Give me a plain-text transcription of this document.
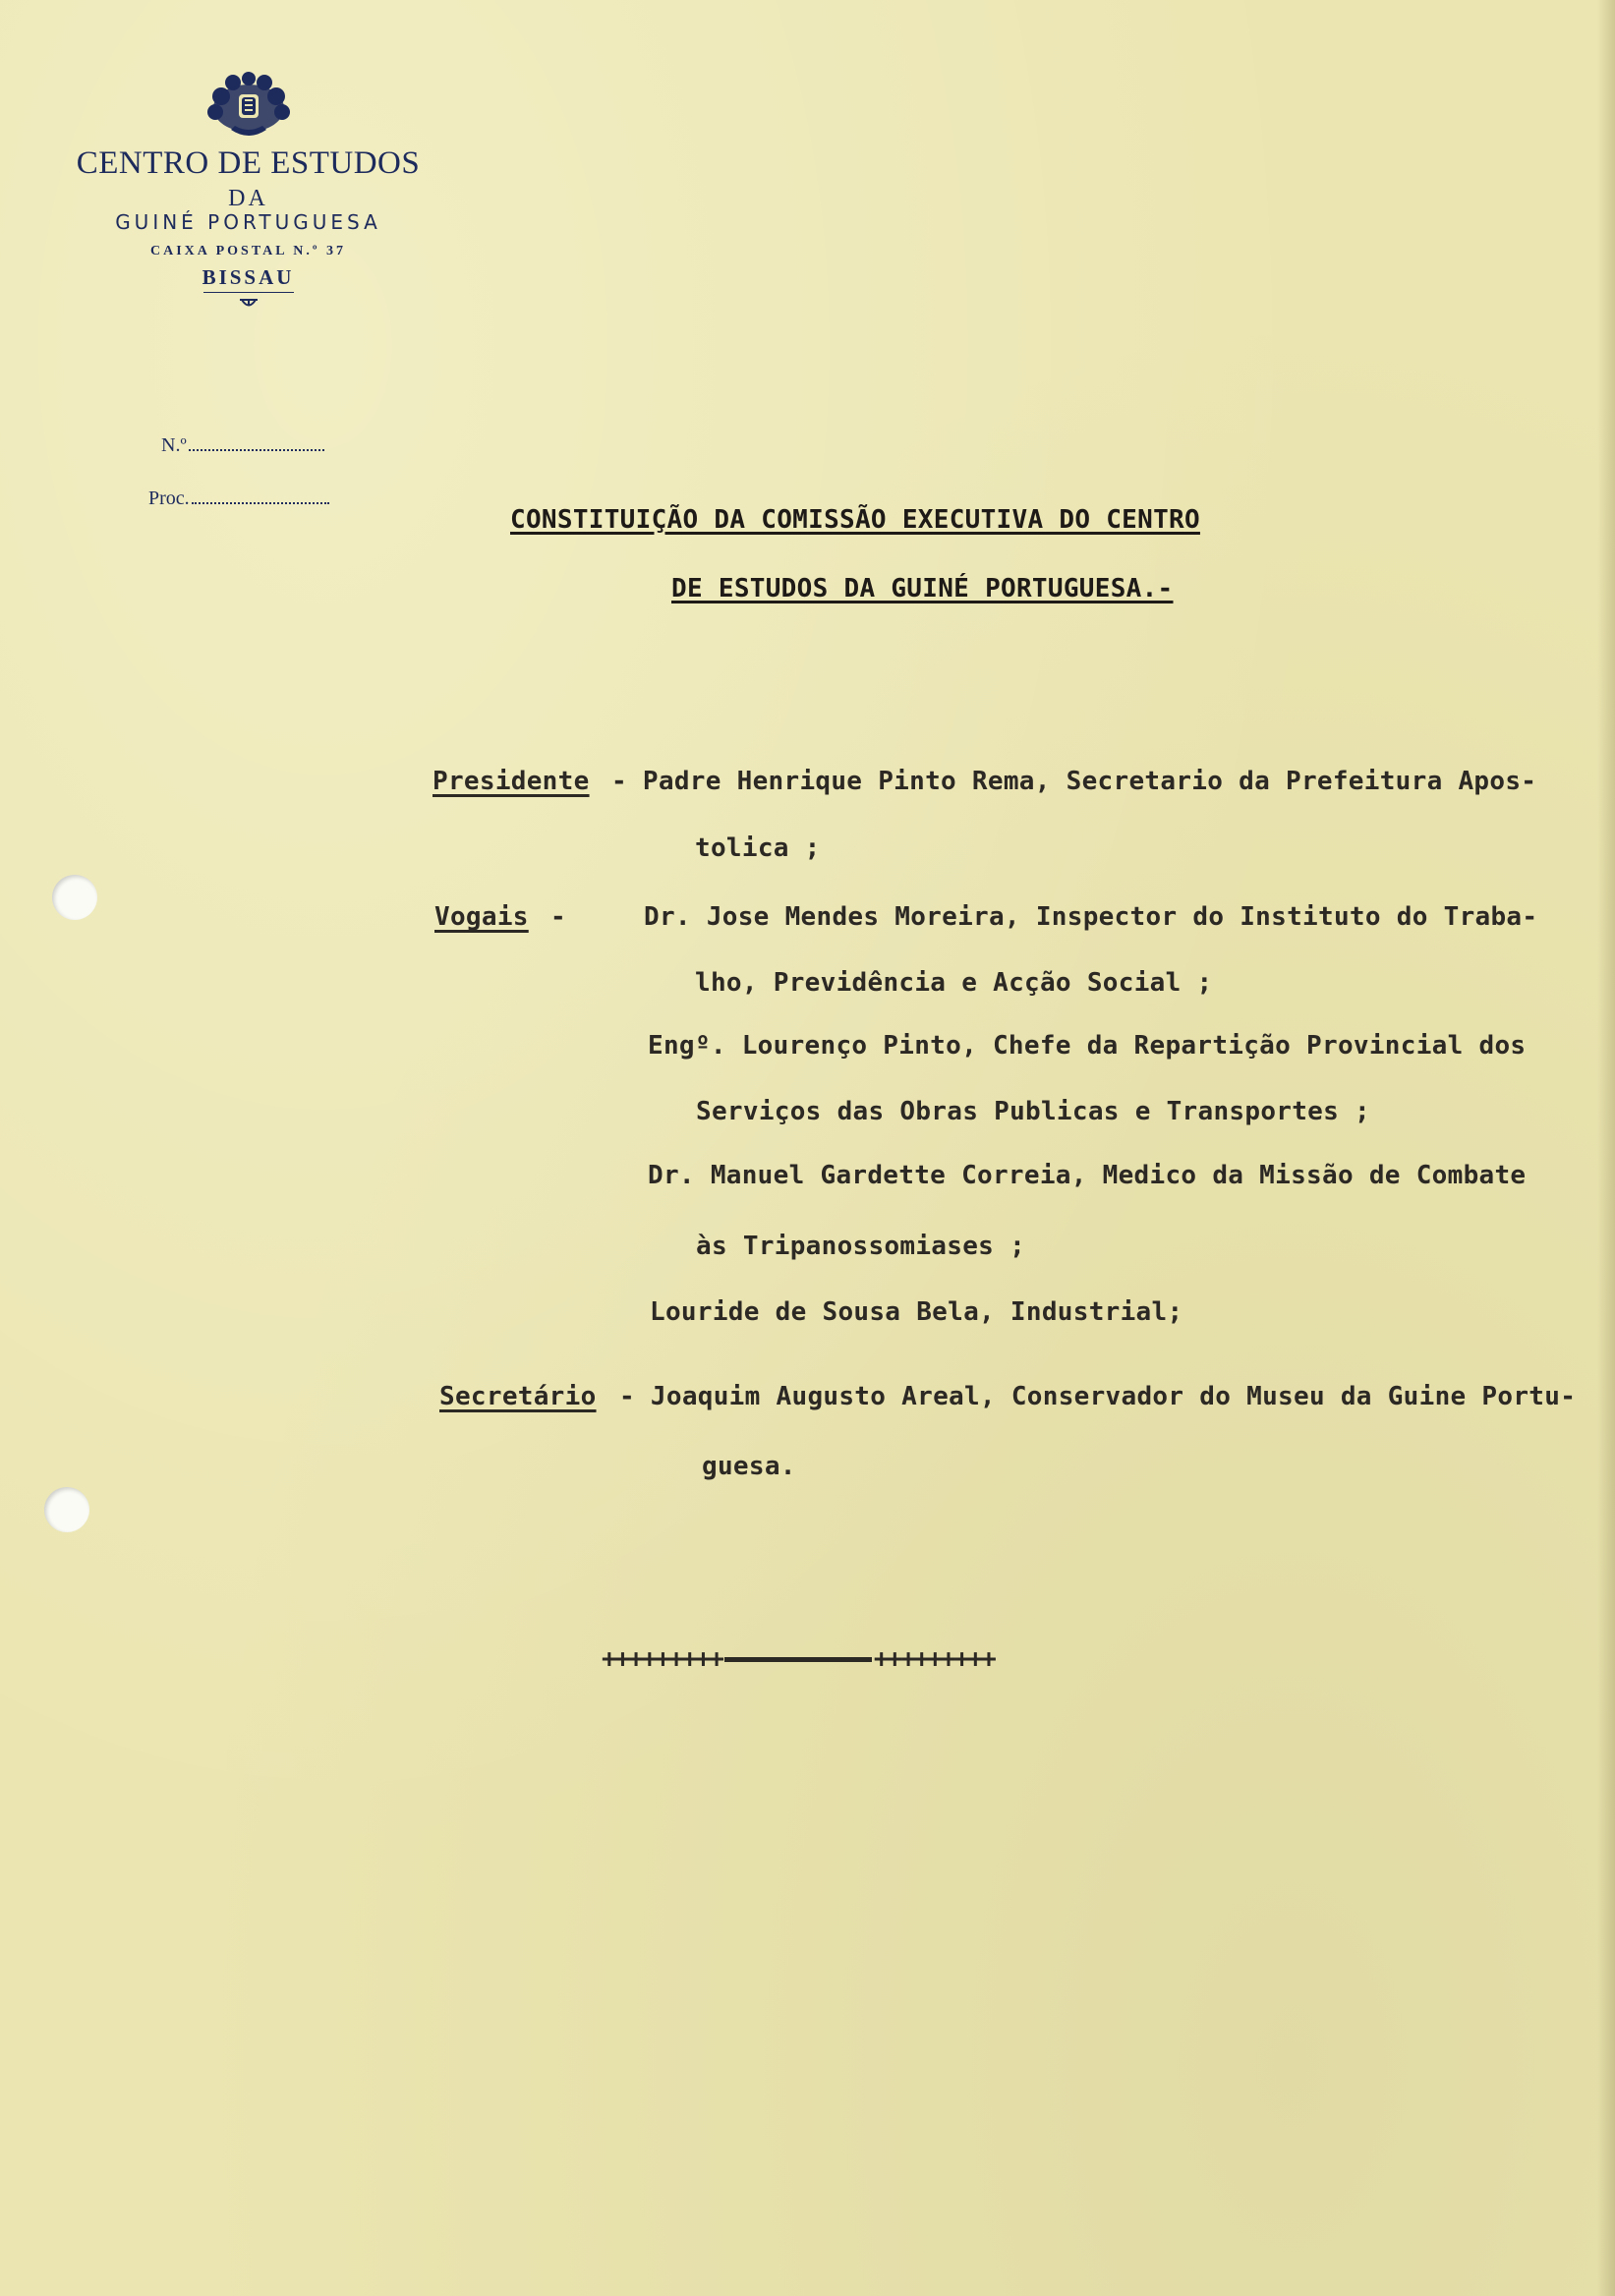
CENTRO DE ESTUDOS
DA
GUINÉ PORTUGUESA
CAIXA POSTAL N.º 37
BISSAU
N.º
Proc.
CONSTITUIÇÃO DA COMISSÃO EXECUTIVA DO CENTRO
DE ESTUDOS DA GUINÉ PORTUGUESA.-
Presidente - Padre Henrique Pinto Rema, Secretario da Prefeitura Apos-
tolica ;
Vogais -	Dr. Jose Mendes Moreira, Inspector do Instituto do Traba-
lho, Previdência e Acção Social ;
Engº. Lourenço Pinto, Chefe da Repartição Provincial dos
Serviços das Obras Publicas e Transportes ;
Dr. Manuel Gardette Correia, Medico da Missão de Combate
às Tripanossomiases ;
Louride de Sousa Bela, Industrial;
Secretário - Joaquim Augusto Areal, Conservador do Museu da Guine Portu-
guesa.
+++++++++	+++++++++
